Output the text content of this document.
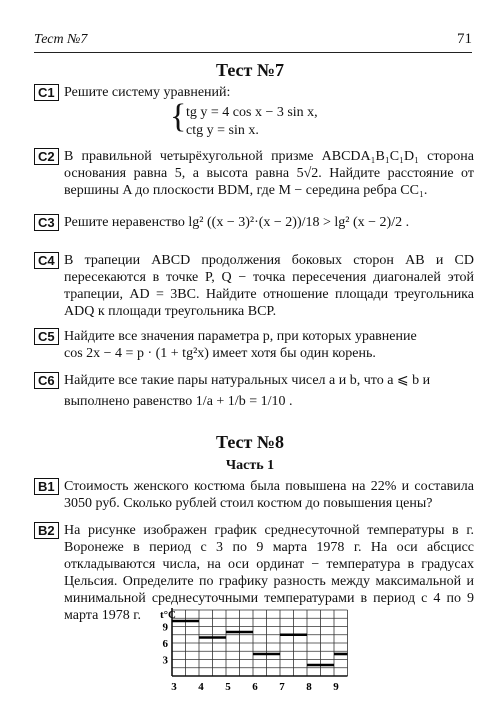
Тест №7	71
Тест №7
С1 Решите систему уравнений:
{ tg y = 4 cos x − 3 sin x,
ctg y = sin x.
С2 В правильной четырёхугольной призме ABCDA₁B₁C₁D₁ сторона основания равна 5, а высота равна 5√2. Найдите расстояние от вершины A до плоскости BDM, где M − середина ребра CC₁.
С3 Решите неравенство lg² ((x − 3)²·(x − 2))/18 > lg² (x − 2)/2 .
С4 В трапеции ABCD продолжения боковых сторон AB и CD пересекаются в точке P, Q − точка пересечения диагоналей этой трапеции, AD = 3BC. Найдите отношение площади треугольника ADQ к площади треугольника BCP.
С5 Найдите все значения параметра p, при которых уравнение
cos 2x − 4 = p · (1 + tg²x) имеет хотя бы один корень.
С6 Найдите все такие пары натуральных чисел a и b, что a ⩽ b и
выполнено равенство 1/a + 1/b = 1/10 .
Тест №8
Часть 1
В1 Стоимость женского костюма была повышена на 22% и составила 3050 руб. Сколько рублей стоил костюм до повышения цены?
В2 На рисунке изображен график среднесуточной температуры в г. Воронеже в период с 3 по 9 марта 1978 г. На оси абсцисс откладываются числа, на оси ординат − температура в градусах Цельсия. Определите по графику разность между максимальной и минимальной среднесуточными температурами в период с 4 по 9 марта 1978 г.
3 4 5 6 7 8 9
3
6
9
t°C
